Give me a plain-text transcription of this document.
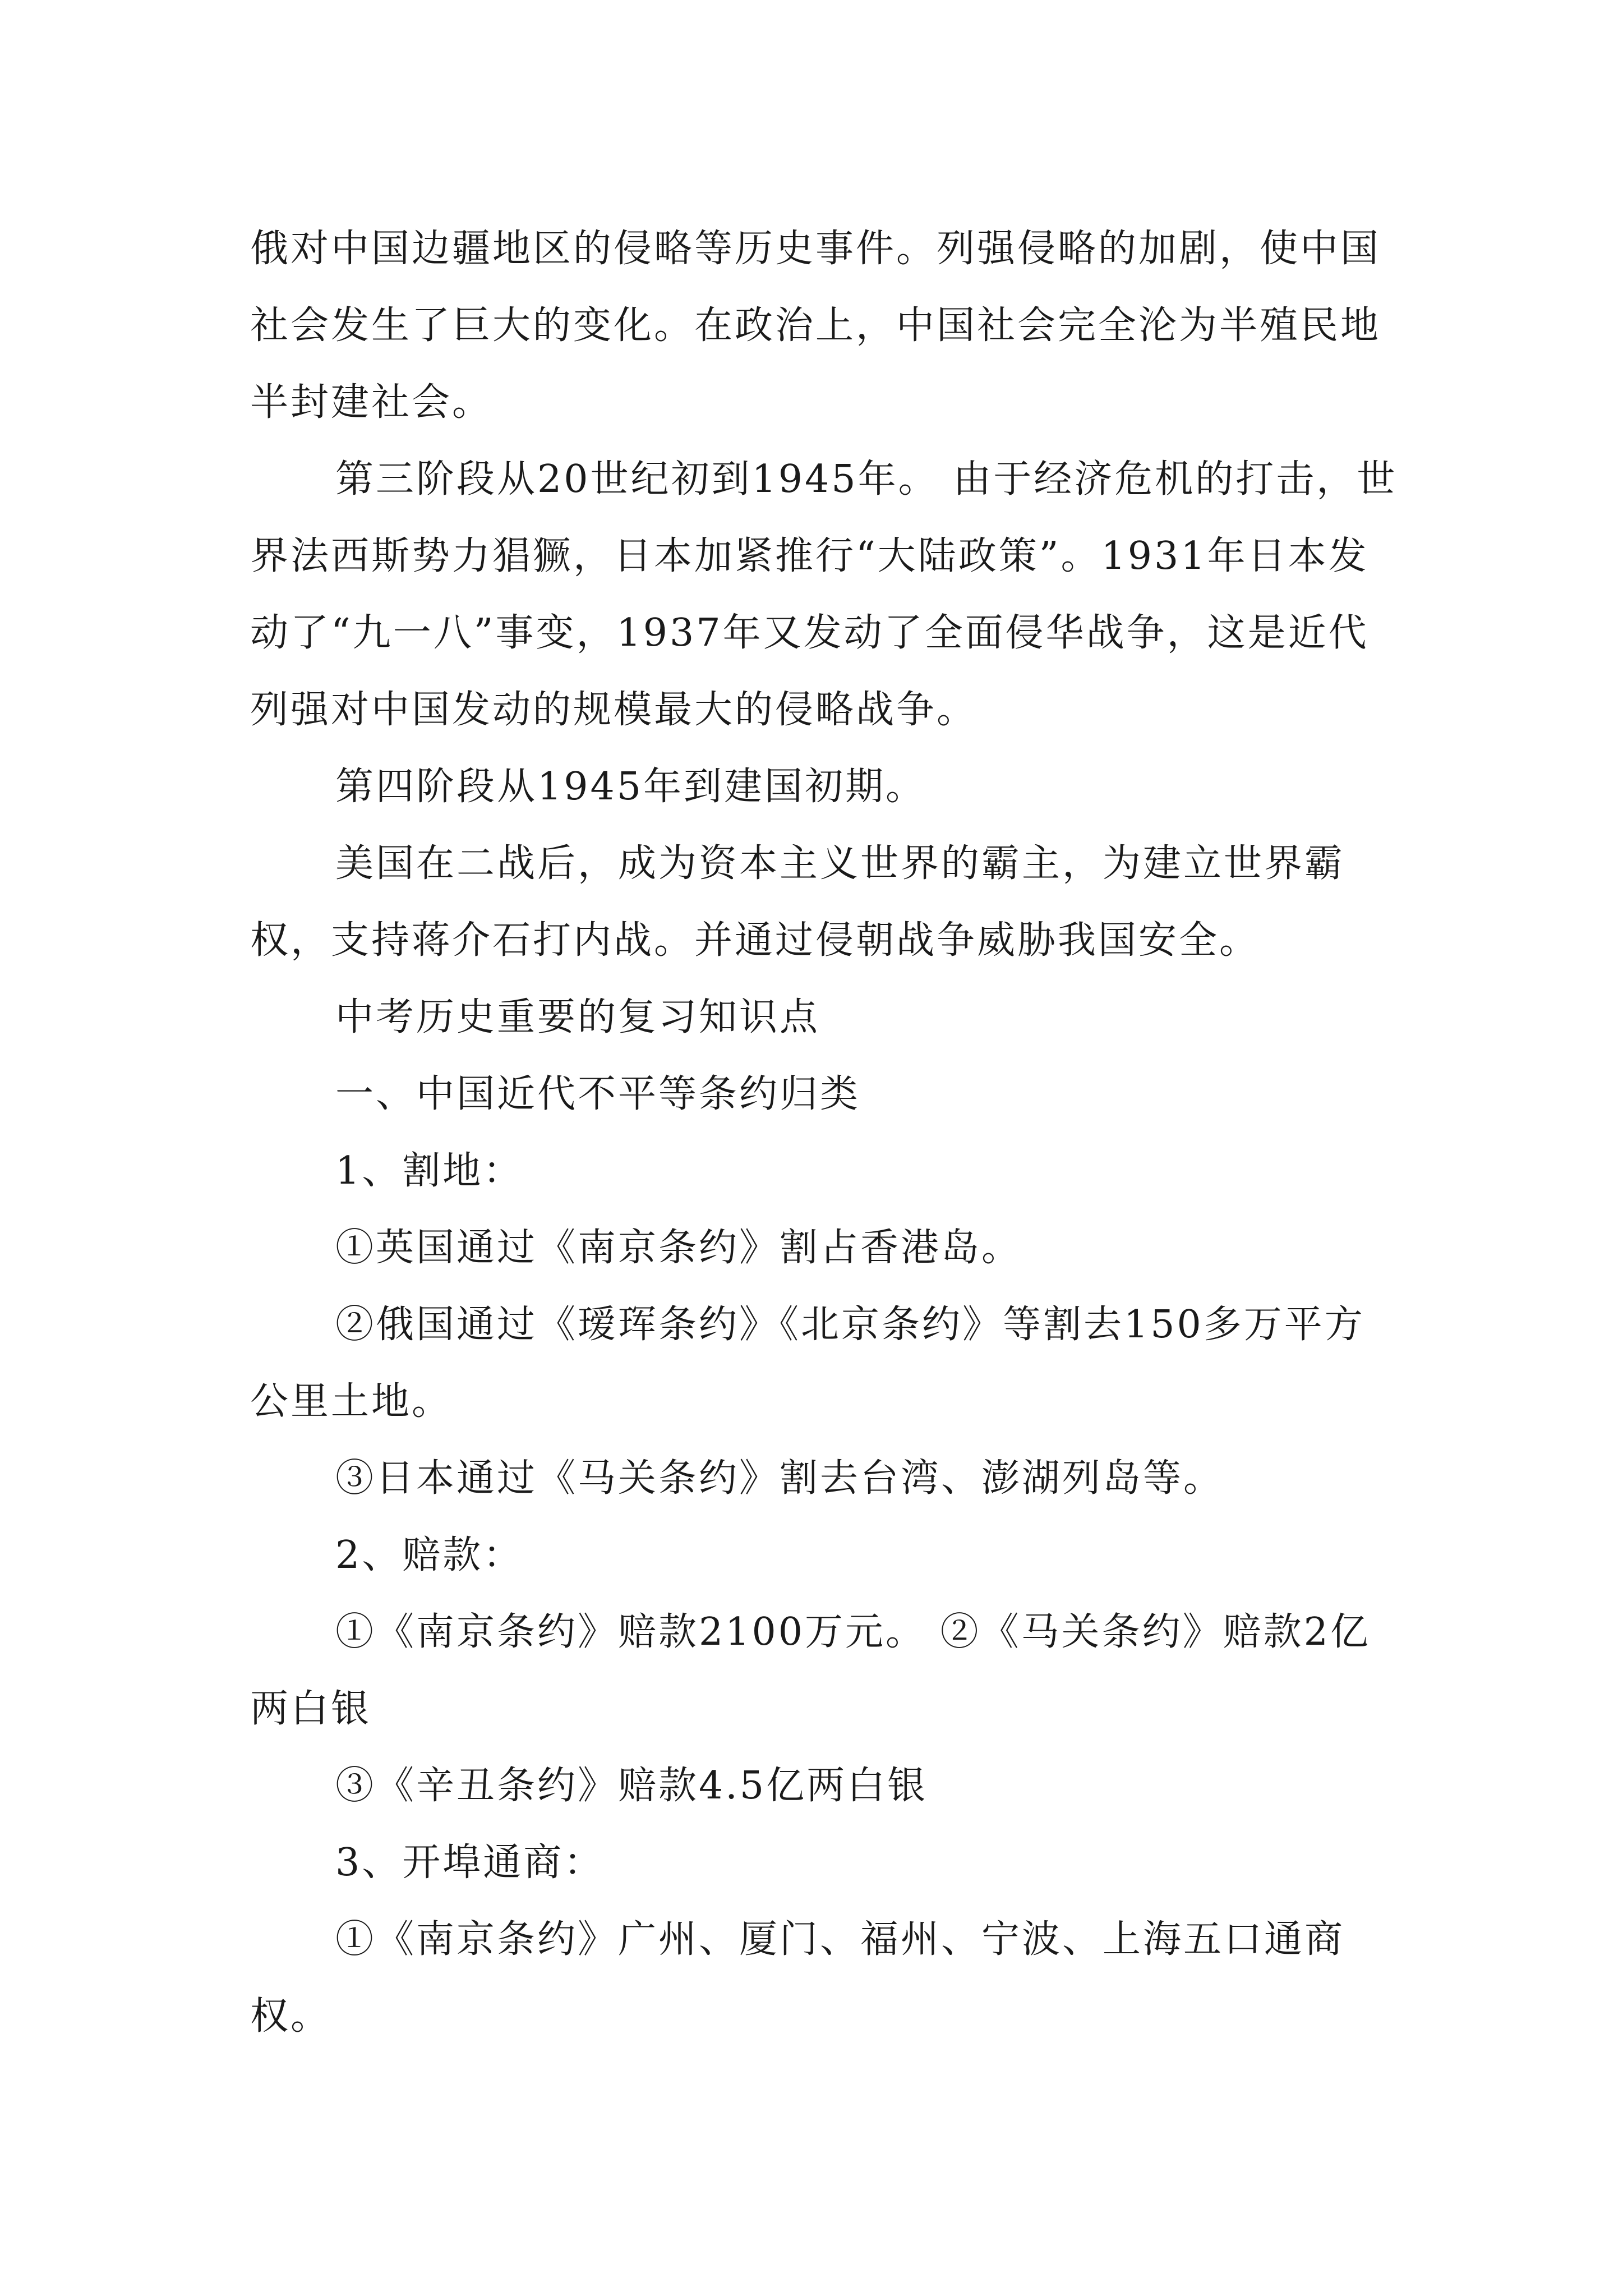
俄对中国边疆地区的侵略等历史事件。列强侵略的加剧，使中国社会发生了巨大的变化。在政治上，中国社会完全沦为半殖民地半封建社会。

第三阶段从20世纪初到1945年。 由于经济危机的打击，世界法西斯势力猖獗，日本加紧推行“大陆政策”。1931年日本发动了“九一八”事变，1937年又发动了全面侵华战争，这是近代列强对中国发动的规模最大的侵略战争。

第四阶段从1945年到建国初期。

美国在二战后，成为资本主义世界的霸主，为建立世界霸权，支持蒋介石打内战。并通过侵朝战争威胁我国安全。

中考历史重要的复习知识点

一、中国近代不平等条约归类

1、割地：

①英国通过《南京条约》割占香港岛。

②俄国通过《瑷珲条约》《北京条约》等割去150多万平方公里土地。

③日本通过《马关条约》割去台湾、澎湖列岛等。

2、赔款：

①《南京条约》赔款2100万元。 ②《马关条约》赔款2亿两白银

③《辛丑条约》赔款4.5亿两白银

3、开埠通商：

①《南京条约》广州、厦门、福州、宁波、上海五口通商权。
